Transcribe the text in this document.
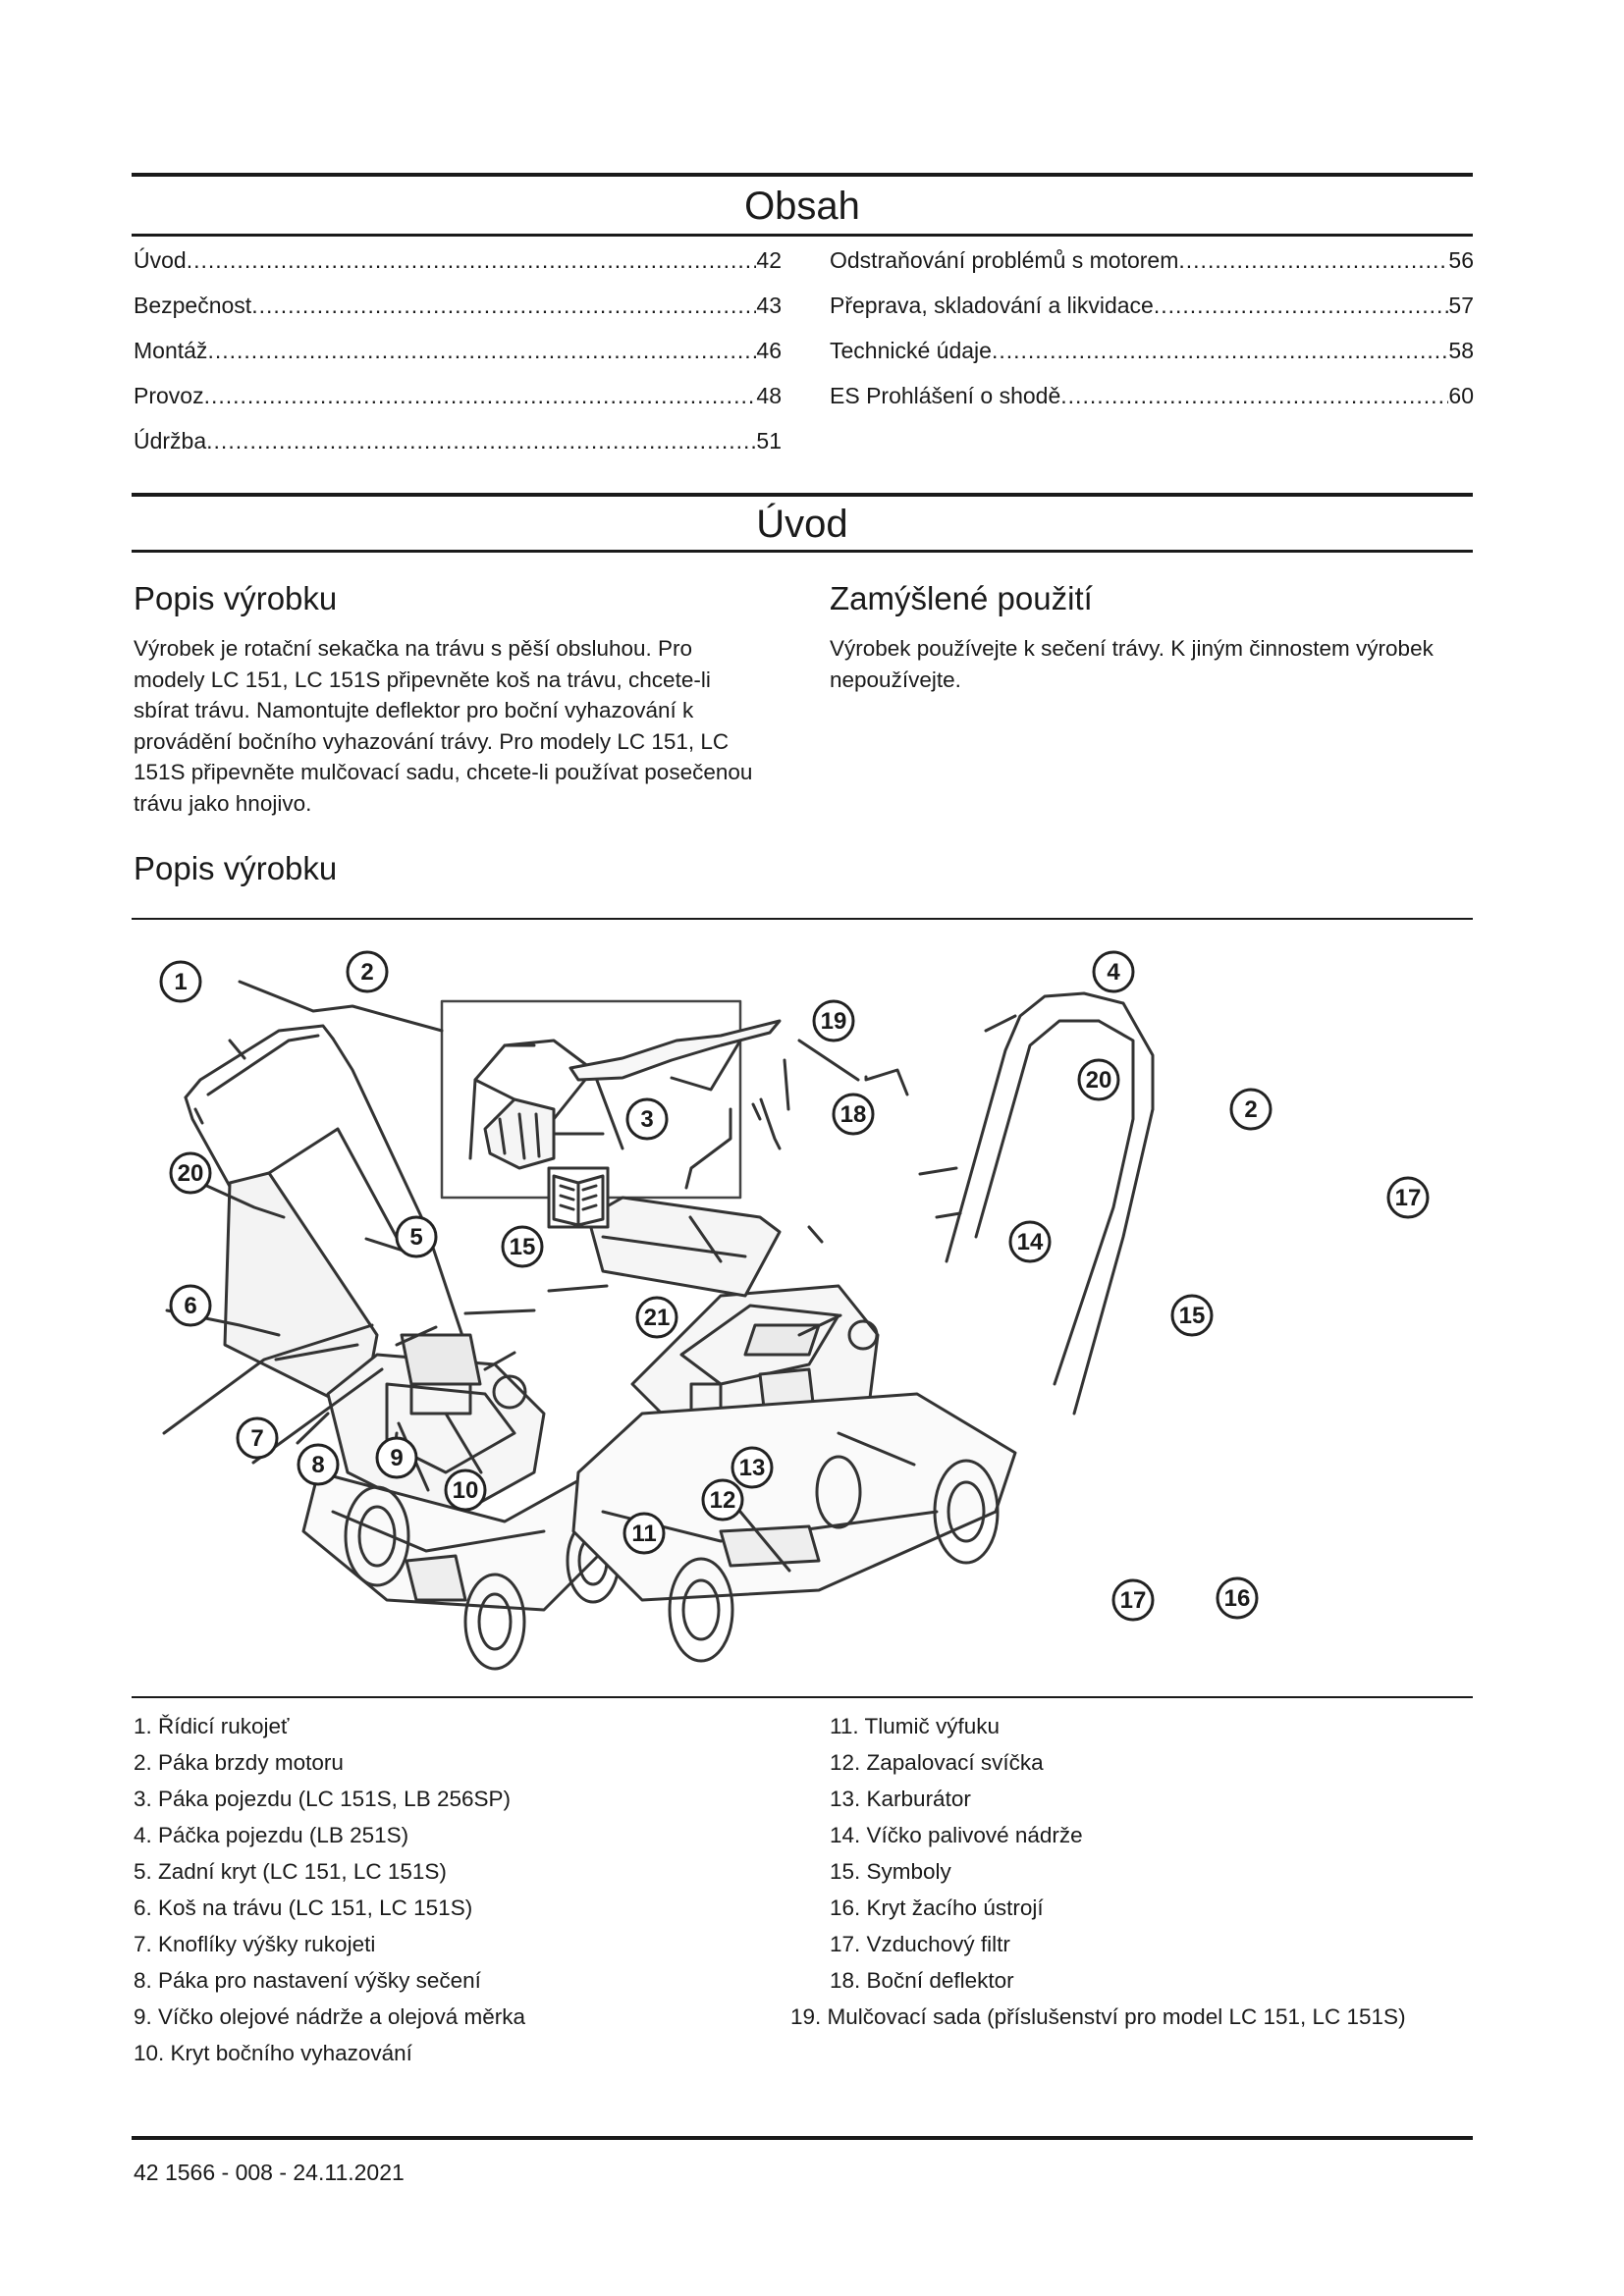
Obsah
Úvod .....	42
Bezpečnost .....	43
Montáž .....	46
Provoz .....	48
Údržba .....	51
Odstraňování problémů s motorem .....	56
Přeprava, skladování a likvidace .....	57
Technické údaje .....	58
ES Prohlášení o shodě .....	60
Úvod
Popis výrobku
Výrobek je rotační sekačka na trávu s pěší obsluhou. Pro modely LC 151, LC 151S připevněte koš na trávu, chcete-li sbírat trávu. Namontujte deflektor pro boční vyhazování k provádění bočního vyhazování trávy. Pro modely LC 151, LC 151S připevněte mulčovací sadu, chcete-li používat posečenou trávu jako hnojivo.
Zamýšlené použití
Výrobek používejte k sečení trávy. K jiným činnostem výrobek nepoužívejte.
Popis výrobku
1	2
2
3
4
5
6
7
8	9
10
11
12
13
14
15
15
16
17
17
18
19
20
20
21
1. Řídicí rukojeť
2. Páka brzdy motoru
3. Páka pojezdu (LC 151S, LB 256SP)
4. Páčka pojezdu (LB 251S)
5. Zadní kryt (LC 151, LC 151S)
6. Koš na trávu (LC 151, LC 151S)
7. Knoflíky výšky rukojeti
8. Páka pro nastavení výšky sečení
9. Víčko olejové nádrže a olejová měrka
10. Kryt bočního vyhazování
11. Tlumič výfuku
12. Zapalovací svíčka
13. Karburátor
14. Víčko palivové nádrže
15. Symboly
16. Kryt žacího ústrojí
17. Vzduchový filtr
18. Boční deflektor
19. Mulčovací sada (příslušenství pro model LC 151, LC 151S)
42 1566 - 008 - 24.11.2021
